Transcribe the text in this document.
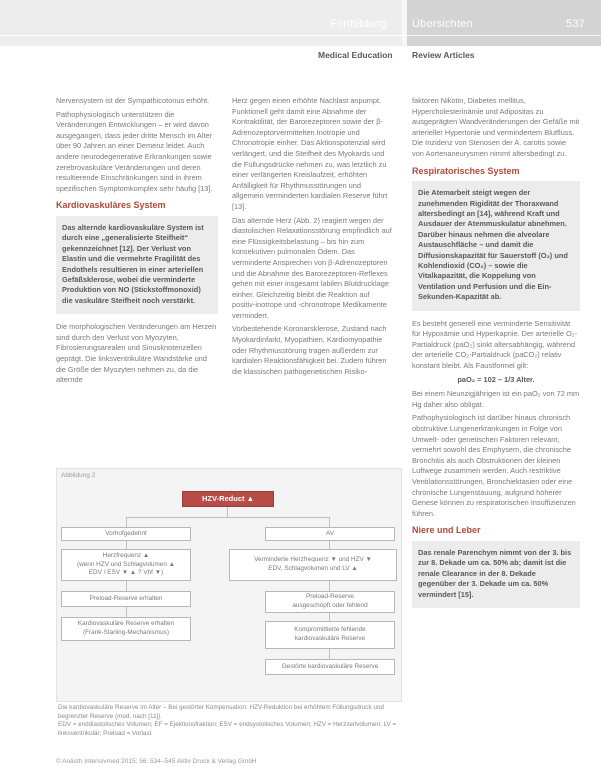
Fortbildung Übersichten	537
Medical Education Review Articles

Nervensystem ist der Sympathicotonus erhöht.

Pathophysiologisch unterstützen die Veränderungen Entwicklungen – er wird davon ausgegangen, dass jeder dritte Mensch im Alter über 90 Jahren an einer Demenz leidet. Auch andere neurodegenerative Erkrankungen sowie zerebrovaskuläre Veränderungen und deren resultierende Einschränkungen sind in ihrem spezifischen Symptomkomplex sehr häufig [13].

Kardiovaskuläres System
Das alternde kardiovaskuläre System ist durch eine „generalisierte Steifheit“ gekennzeichnet [12]. Der Verlust von Elastin und die vermehrte Fragilität des Endothels resultieren in einer arteriellen Gefäßsklerose, wobei die verminderte Produktion von NO (Stickstoffmonoxid) die vaskuläre Steifheit noch verstärkt.

Die morphologischen Veränderungen am Herzen sind durch den Verlust von Myozyten, Fibrosierungsarealen und Sinusknotenzellen geprägt. Die linksventrikuläre Wandstärke und die Größe der Myozyten nehmen zu, da die alternde

Herz gegen einen erhöhte Nachlast anpumpt. Funktionell geht damit eine Abnahme der Kontraktilität, der Barorezeptoren sowie der β-Adrenozeptorvermittelten Inotropie und Chronotropie einher. Das Aktionspotenzial wird verlängert, und die Steifheit des Myokards und die Füllungsdrücke nehmen zu, was letztlich zu einer verlängerten Kreislaufzeit, erhöhten Anfälligkeit für Rhythmusstörungen und allgemein verminderten kardialen Reserve führt [13].

Das alternde Herz (Abb. 2) reagiert wegen der diastolischen Relaxationsstörung empfindlich auf eine Flüssigkeitsbelastung – bis hin zum konsekutiven pulmonalen Ödem. Das verminderte Ansprechen von β-Adrenozeptoren und die Abnahme des Barorezeptoren-Reflexes gehen mit einer insgesamt labilen Blutdrucklage einher. Gleichzeitig bleibt die Reaktion auf positiv-inotrope und -chronotrope Medikamente vermindert.

Vorbestehende Koronarsklerose, Zustand nach Myokardinfarkt, Myopathien, Kardiomyopathie oder Rhythmusstörung tragen außerdem zur kardialen Reaktionsfähigkeit bei. Zudem führen die klassischen pathogenetischen Risiko-

faktoren Nikotin, Diabetes mellitus, Hypercholesterinämie und Adipositas zu ausgeprägten Wandveränderungen der Gefäße mit arterieller Hypertonie und vermindertem Blutfluss. Die Inzidenz von Stenosen der A. carotis sowie von Aortenaneurysmen nimmt altersbedingt zu.

Respiratorisches System
Die Atemarbeit steigt wegen der zunehmenden Rigidität der Thoraxwand altersbedingt an [14], während Kraft und Ausdauer der Atemmuskulatur abnehmen. Darüber hinaus nehmen die alveolare Austauschfläche – und damit die Diffusionskapazität für Sauerstoff (O₂) und Kohlendioxid (CO₂) – sowie die Vitalkapazität, die Koppelung von Ventilation und Perfusion und die Ein-Sekunden-Kapazität ab.

Es besteht generell eine verminderte Sensitivität für Hypoxämie und Hyperkapnie. Der arterielle O₂-Partialdruck (paO₂) sinkt altersabhängig, während der arterielle CO₂-Partialdruck (paCO₂) relativ konstant bleibt. Als Faustformel gilt:

paO₂ = 102 – 1/3 Alter.

Bei einem Neunzigjährigen ist ein paO₂ von 72 mm Hg daher also obligat.

Pathophysiologisch ist darüber hinaus chronisch obstruktive Lungenerkrankungen in Folge von Umwelt- oder genetischen Faktoren relevant, vermehrt sowohl des Emphysem, die chronische Bronchitis als auch Obstruktionen der kleinen Luftwege zusammen werden. Auch restriktive Ventilationsstörungen, Bronchiektasien oder eine chronische Lungenstauung, aufgrund höherer Genese können zu respiratorischen Insuffizienzen führen.

Niere und Leber
Das renale Parenchym nimmt von der 3. bis zur 8. Dekade um ca. 50% ab; damit ist die renale Clearance in der 8. Dekade gegenüber der 3. Dekade um ca. 50% vermindert [15].
Abbildung 2
HZV-Reduct ▲
Vorhofgedehnt	AV
Herzfrequenz ▲
(wenn HZV und Schlagvolumen ▲
EDV / ESV ▼ ▲ ? Vhf ▼)
Verminderte Herzfrequenz ▼ und HZV ▼
EDV, Schlagvolumen und LV ▲
Preload-Reserve erhalten	Preload-Reserve
ausgeschöpft oder fehlend
Kardiovaskuläre Reserve erhalten
(Frank-Starling-Mechanismus)	Kompromittierte fehlende
kardiovaskuläre Reserve
Gestörte kardiovaskuläre Reserve
Die kardiovaskuläre Reserve im Alter – Bei gestörter Kompensation: HZV-Reduktion bei erhöhtem Füllungsdruck und begrenzter Reserve (mod. nach [11]).
EDV = enddiastolisches Volumen; EF = Ejektionsfraktion; ESV = endsystolisches Volumen; HZV = Herzzeitvolumen; LV = linksventrikulär; Preload = Vorlast
© Anästh Intensivmed 2015; 56: 534–545 Aktiv Druck & Verlag GmbH
